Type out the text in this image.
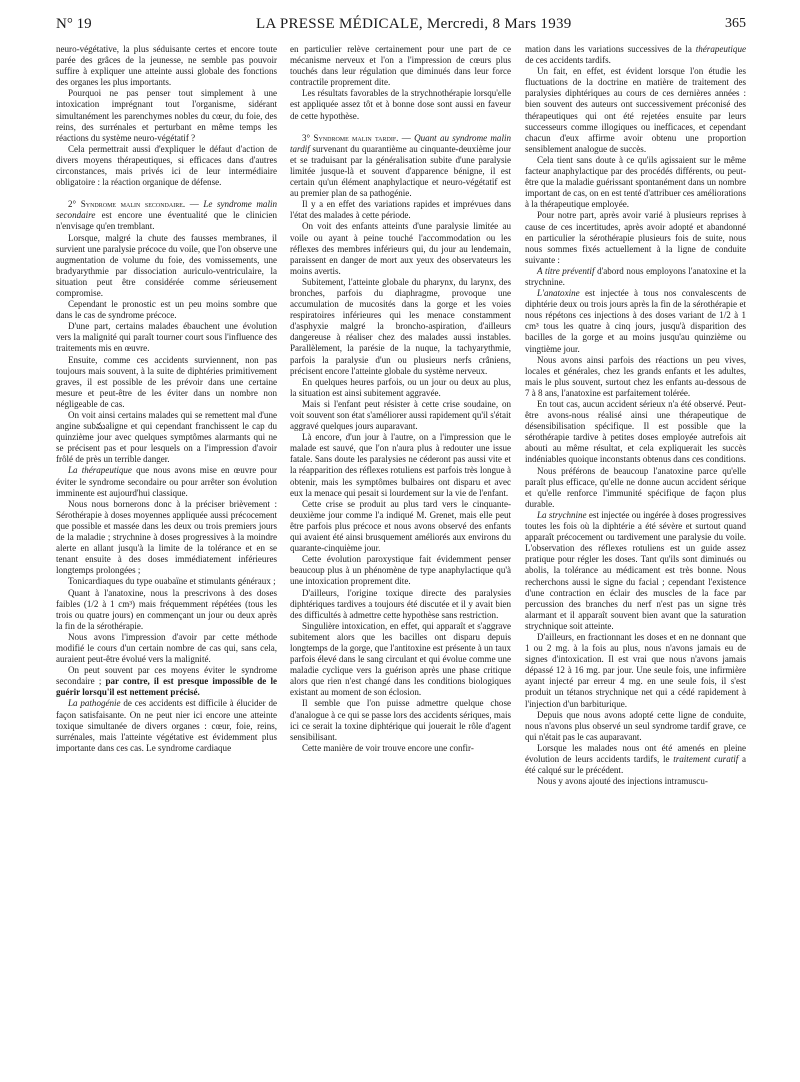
N° 19	LA PRESSE MÉDICALE, Mercredi, 8 Mars 1939	365

neuro-végétative, la plus séduisante certes et encore toute parée des grâces de la jeunesse, ne semble pas pouvoir suffire à expliquer une atteinte aussi globale des fonctions des organes les plus importants.

Pourquoi ne pas penser tout simplement à une intoxication imprégnant tout l'organisme, sidérant simultanément les parenchymes nobles du cœur, du foie, des reins, des surrénales et perturbant en même temps les réactions du système neuro-végétatif ?

Cela permettrait aussi d'expliquer le défaut d'action de divers moyens thérapeutiques, si efficaces dans d'autres circonstances, mais privés ici de leur intermédiaire obligatoire : la réaction organique de défense.

2° Syndrome malin secondaire. — Le syndrome malin secondaire est encore une éventualité que le clinicien n'envisage qu'en tremblant.

Lorsque, malgré la chute des fausses membranes, il survient une paralysie précoce du voile, que l'on observe une augmentation de volume du foie, des vomissements, une bradyarythmie par dissociation auriculo-ventriculaire, la situation peut être considérée comme sérieusement compromise.

Cependant le pronostic est un peu moins sombre que dans le cas de syndrome précoce.

D'une part, certains malades ébauchent une évolution vers la malignité qui paraît tourner court sous l'influence des traitements mis en œuvre.

Ensuite, comme ces accidents surviennent, non pas toujours mais souvent, à la suite de diphtéries primitivement graves, il est possible de les prévoir dans une certaine mesure et peut-être de les éviter dans un nombre non négligeable de cas.

On voit ainsi certains malades qui se remettent mal d'une angine subమaligne et qui cependant franchissent le cap du quinzième jour avec quelques symptômes alarmants qui ne se précisent pas et pour lesquels on a l'impression d'avoir frôlé de près un terrible danger.

La thérapeutique que nous avons mise en œuvre pour éviter le syndrome secondaire ou pour arrêter son évolution imminente est aujourd'hui classique.

Nous nous bornerons donc à la préciser brièvement : Sérothérapie à doses moyennes appliquée aussi précocement que possible et massée dans les deux ou trois premiers jours de la maladie ; strychnine à doses progressives à la moindre alerte en allant jusqu'à la limite de la tolérance et en se tenant ensuite à des doses immédiatement inférieures longtemps prolongées ;

Tonicardiaques du type ouabaïne et stimulants généraux ;

Quant à l'anatoxine, nous la prescrivons à des doses faibles (1/2 à 1 cm³) mais fréquemment répétées (tous les trois ou quatre jours) en commençant un jour ou deux après la fin de la sérothérapie.

Nous avons l'impression d'avoir par cette méthode modifié le cours d'un certain nombre de cas qui, sans cela, auraient peut-être évolué vers la malignité.

On peut souvent par ces moyens éviter le syndrome secondaire ; par contre, il est presque impossible de le guérir lorsqu'il est nettement précisé.

La pathogénie de ces accidents est difficile à élucider de façon satisfaisante. On ne peut nier ici encore une atteinte toxique simultanée de divers organes : cœur, foie, reins, surrénales, mais l'atteinte végétative est évidemment plus importante dans ces cas. Le syndrome cardiaque

en particulier relève certainement pour une part de ce mécanisme nerveux et l'on a l'impression de cœurs plus touchés dans leur régulation que diminués dans leur force contractile proprement dite.

Les résultats favorables de la strychnothérapie lorsqu'elle est appliquée assez tôt et à bonne dose sont aussi en faveur de cette hypothèse.

3° Syndrome malin tardif. — Quant au syndrome malin tardif survenant du quarantième au cinquante-deuxième jour et se traduisant par la généralisation subite d'une paralysie limitée jusque-là et souvent d'apparence bénigne, il est certain qu'un élément anaphylactique et neuro-végétatif est au premier plan de sa pathogénie.

Il y a en effet des variations rapides et imprévues dans l'état des malades à cette période.

On voit des enfants atteints d'une paralysie limitée au voile ou ayant à peine touché l'accommodation ou les réflexes des membres inférieurs qui, du jour au lendemain, paraissent en danger de mort aux yeux des observateurs les moins avertis.

Subitement, l'atteinte globale du pharynx, du larynx, des bronches, parfois du diaphragme, provoque une accumulation de mucosités dans la gorge et les voies respiratoires inférieures qui les menace constamment d'asphyxie malgré la broncho-aspiration, d'ailleurs dangereuse à réaliser chez des malades aussi instables. Parallèlement, la parésie de la nuque, la tachyarythmie, parfois la paralysie d'un ou plusieurs nerfs crâniens, précisent encore l'atteinte globale du système nerveux.

En quelques heures parfois, ou un jour ou deux au plus, la situation est ainsi subitement aggravée.

Mais si l'enfant peut résister à cette crise soudaine, on voit souvent son état s'améliorer aussi rapidement qu'il s'était aggravé quelques jours auparavant.

Là encore, d'un jour à l'autre, on a l'impression que le malade est sauvé, que l'on n'aura plus à redouter une issue fatale. Sans doute les paralysies ne céderont pas aussi vite et la réapparition des réflexes rotuliens est parfois très longue à obtenir, mais les symptômes bulbaires ont disparu et avec eux la menace qui pesait si lourdement sur la vie de l'enfant.

Cette crise se produit au plus tard vers le cinquante-deuxième jour comme l'a indiqué M. Grenet, mais elle peut être parfois plus précoce et nous avons observé des enfants qui avaient été ainsi brusquement améliorés aux environs du quarante-cinquième jour.

Cette évolution paroxystique fait évidemment penser beaucoup plus à un phénomène de type anaphylactique qu'à une intoxication proprement dite.

D'ailleurs, l'origine toxique directe des paralysies diphtériques tardives a toujours été discutée et il y avait bien des difficultés à admettre cette hypothèse sans restriction.

Singulière intoxication, en effet, qui apparaît et s'aggrave subitement alors que les bacilles ont disparu depuis longtemps de la gorge, que l'antitoxine est présente à un taux parfois élevé dans le sang circulant et qui évolue comme une maladie cyclique vers la guérison après une phase critique alors que rien n'est changé dans les conditions biologiques existant au moment de son éclosion.

Il semble que l'on puisse admettre quelque chose d'analogue à ce qui se passe lors des accidents sériques, mais ici ce serait la toxine diphtérique qui jouerait le rôle d'agent sensibilisant.

Cette manière de voir trouve encore une confir-

mation dans les variations successives de la thérapeutique de ces accidents tardifs.

Un fait, en effet, est évident lorsque l'on étudie les fluctuations de la doctrine en matière de traitement des paralysies diphtériques au cours de ces dernières années : bien souvent des auteurs ont successivement préconisé des thérapeutiques qui ont été rejetées ensuite par leurs successeurs comme illogiques ou inefficaces, et cependant chacun d'eux affirme avoir obtenu une proportion sensiblement analogue de succès.

Cela tient sans doute à ce qu'ils agissaient sur le même facteur anaphylactique par des procédés différents, ou peut-être que la maladie guérissant spontanément dans un nombre important de cas, on en est tenté d'attribuer ces améliorations à la thérapeutique employée.

Pour notre part, après avoir varié à plusieurs reprises à cause de ces incertitudes, après avoir adopté et abandonné en particulier la sérothérapie plusieurs fois de suite, nous nous sommes fixés actuellement à la ligne de conduite suivante :

A titre préventif d'abord nous employons l'anatoxine et la strychnine.

L'anatoxine est injectée à tous nos convalescents de diphtérie deux ou trois jours après la fin de la sérothérapie et nous répétons ces injections à des doses variant de 1/2 à 1 cm³ tous les quatre à cinq jours, jusqu'à disparition des bacilles de la gorge et au moins jusqu'au quinzième ou vingtième jour.

Nous avons ainsi parfois des réactions un peu vives, locales et générales, chez les grands enfants et les adultes, mais le plus souvent, surtout chez les enfants au-dessous de 7 à 8 ans, l'anatoxine est parfaitement tolérée.

En tout cas, aucun accident sérieux n'a été observé. Peut-être avons-nous réalisé ainsi une thérapeutique de désensibilisation spécifique. Il est possible que la sérothérapie tardive à petites doses employée autrefois ait abouti au même résultat, et cela expliquerait les succès indéniables quoique inconstants obtenus dans ces conditions.

Nous préférons de beaucoup l'anatoxine parce qu'elle paraît plus efficace, qu'elle ne donne aucun accident sérique et qu'elle renforce l'immunité spécifique de façon plus durable.

La strychnine est injectée ou ingérée à doses progressives toutes les fois où la diphtérie a été sévère et surtout quand apparaît précocement ou tardivement une paralysie du voile. L'observation des réflexes rotuliens est un guide assez pratique pour régler les doses. Tant qu'ils sont diminués ou abolis, la tolérance au médicament est très bonne. Nous recherchons aussi le signe du facial ; cependant l'existence d'une contraction en éclair des muscles de la face par percussion des branches du nerf n'est pas un signe très alarmant et il apparaît souvent bien avant que la saturation strychnique soit atteinte.

D'ailleurs, en fractionnant les doses et en ne donnant que 1 ou 2 mg. à la fois au plus, nous n'avons jamais eu de signes d'intoxication. Il est vrai que nous n'avons jamais dépassé 12 à 16 mg. par jour. Une seule fois, une infirmière ayant injecté par erreur 4 mg. en une seule fois, il s'est produit un tétanos strychnique net qui a cédé rapidement à l'injection d'un barbiturique.

Depuis que nous avons adopté cette ligne de conduite, nous n'avons plus observé un seul syndrome tardif grave, ce qui n'était pas le cas auparavant.

Lorsque les malades nous ont été amenés en pleine évolution de leurs accidents tardifs, le traitement curatif a été calqué sur le précédent.

Nous y avons ajouté des injections intramuscu-
